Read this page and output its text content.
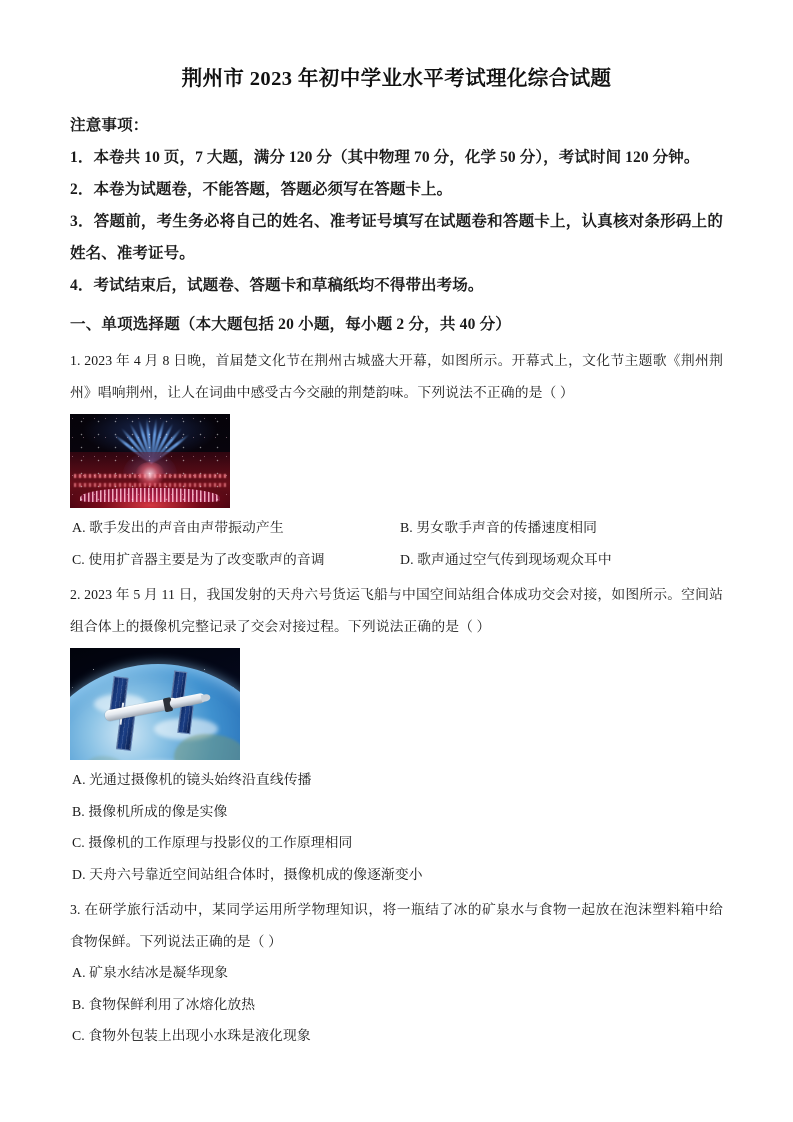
荆州市 2023 年初中学业水平考试理化综合试题
注意事项：
1．本卷共 10 页，7 大题，满分 120 分（其中物理 70 分，化学 50 分），考试时间 120 分钟。
2．本卷为试题卷，不能答题，答题必须写在答题卡上。
3．答题前，考生务必将自己的姓名、准考证号填写在试题卷和答题卡上，认真核对条形码上的姓名、准考证号。
4．考试结束后，试题卷、答题卡和草稿纸均不得带出考场。
一、单项选择题（本大题包括 20 小题，每小题 2 分，共 40 分）
1. 2023 年 4 月 8 日晚，首届楚文化节在荆州古城盛大开幕，如图所示。开幕式上，文化节主题歌《荆州荆州》唱响荆州，让人在词曲中感受古今交融的荆楚韵味。下列说法不正确的是（ ）
A. 歌手发出的声音由声带振动产生	B. 男女歌手声音的传播速度相同
C. 使用扩音器主要是为了改变歌声的音调	D. 歌声通过空气传到现场观众耳中
2. 2023 年 5 月 11 日，我国发射的天舟六号货运飞船与中国空间站组合体成功交会对接，如图所示。空间站组合体上的摄像机完整记录了交会对接过程。下列说法正确的是（ ）
A. 光通过摄像机的镜头始终沿直线传播
B. 摄像机所成的像是实像
C. 摄像机的工作原理与投影仪的工作原理相同
D. 天舟六号靠近空间站组合体时，摄像机成的像逐渐变小
3. 在研学旅行活动中，某同学运用所学物理知识，将一瓶结了冰的矿泉水与食物一起放在泡沫塑料箱中给食物保鲜。下列说法正确的是（ ）
A. 矿泉水结冰是凝华现象
B. 食物保鲜利用了冰熔化放热
C. 食物外包装上出现小水珠是液化现象
